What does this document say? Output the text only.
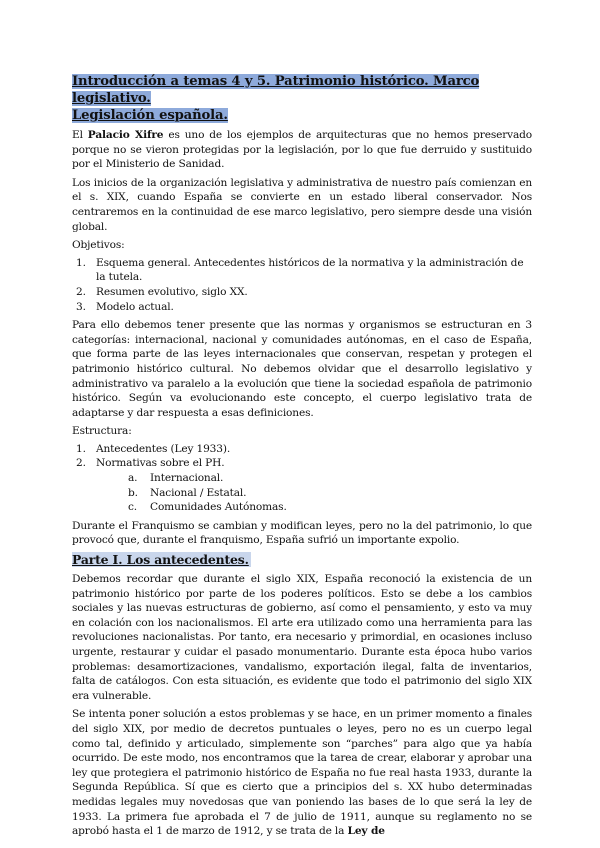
Introducción a temas 4 y 5. Patrimonio histórico. Marco legislativo.
Legislación española.

El Palacio Xifre es uno de los ejemplos de arquitecturas que no hemos preservado porque no se vieron protegidas por la legislación, por lo que fue derruido y sustituido por el Ministerio de Sanidad.

Los inicios de la organización legislativa y administrativa de nuestro país comienzan en el s. XIX, cuando España se convierte en un estado liberal conservador. Nos centraremos en la continuidad de ese marco legislativo, pero siempre desde una visión global.

Objetivos:

1. Esquema general. Antecedentes históricos de la normativa y la administración de la tutela.
2. Resumen evolutivo, siglo XX.
3. Modelo actual.

Para ello debemos tener presente que las normas y organismos se estructuran en 3 categorías: internacional, nacional y comunidades autónomas, en el caso de España, que forma parte de las leyes internacionales que conservan, respetan y protegen el patrimonio histórico cultural. No debemos olvidar que el desarrollo legislativo y administrativo va paralelo a la evolución que tiene la sociedad española de patrimonio histórico. Según va evolucionando este concepto, el cuerpo legislativo trata de adaptarse y dar respuesta a esas definiciones.

Estructura:

1. Antecedentes (Ley 1933).
2. Normativas sobre el PH.
a. Internacional.
b. Nacional / Estatal.
c. Comunidades Autónomas.

Durante el Franquismo se cambian y modifican leyes, pero no la del patrimonio, lo que provocó que, durante el franquismo, España sufrió un importante expolio.

Parte I. Los antecedentes.

Debemos recordar que durante el siglo XIX, España reconoció la existencia de un patrimonio histórico por parte de los poderes políticos. Esto se debe a los cambios sociales y las nuevas estructuras de gobierno, así como el pensamiento, y esto va muy en colación con los nacionalismos. El arte era utilizado como una herramienta para las revoluciones nacionalistas. Por tanto, era necesario y primordial, en ocasiones incluso urgente, restaurar y cuidar el pasado monumentario. Durante esta época hubo varios problemas: desamortizaciones, vandalismo, exportación ilegal, falta de inventarios, falta de catálogos. Con esta situación, es evidente que todo el patrimonio del siglo XIX era vulnerable.

Se intenta poner solución a estos problemas y se hace, en un primer momento a finales del siglo XIX, por medio de decretos puntuales o leyes, pero no es un cuerpo legal como tal, definido y articulado, simplemente son “parches” para algo que ya había ocurrido. De este modo, nos encontramos que la tarea de crear, elaborar y aprobar una ley que protegiera el patrimonio histórico de España no fue real hasta 1933, durante la Segunda República. Sí que es cierto que a principios del s. XX hubo determinadas medidas legales muy novedosas que van poniendo las bases de lo que será la ley de 1933. La primera fue aprobada el 7 de julio de 1911, aunque su reglamento no se aprobó hasta el 1 de marzo de 1912, y se trata de la Ley de
